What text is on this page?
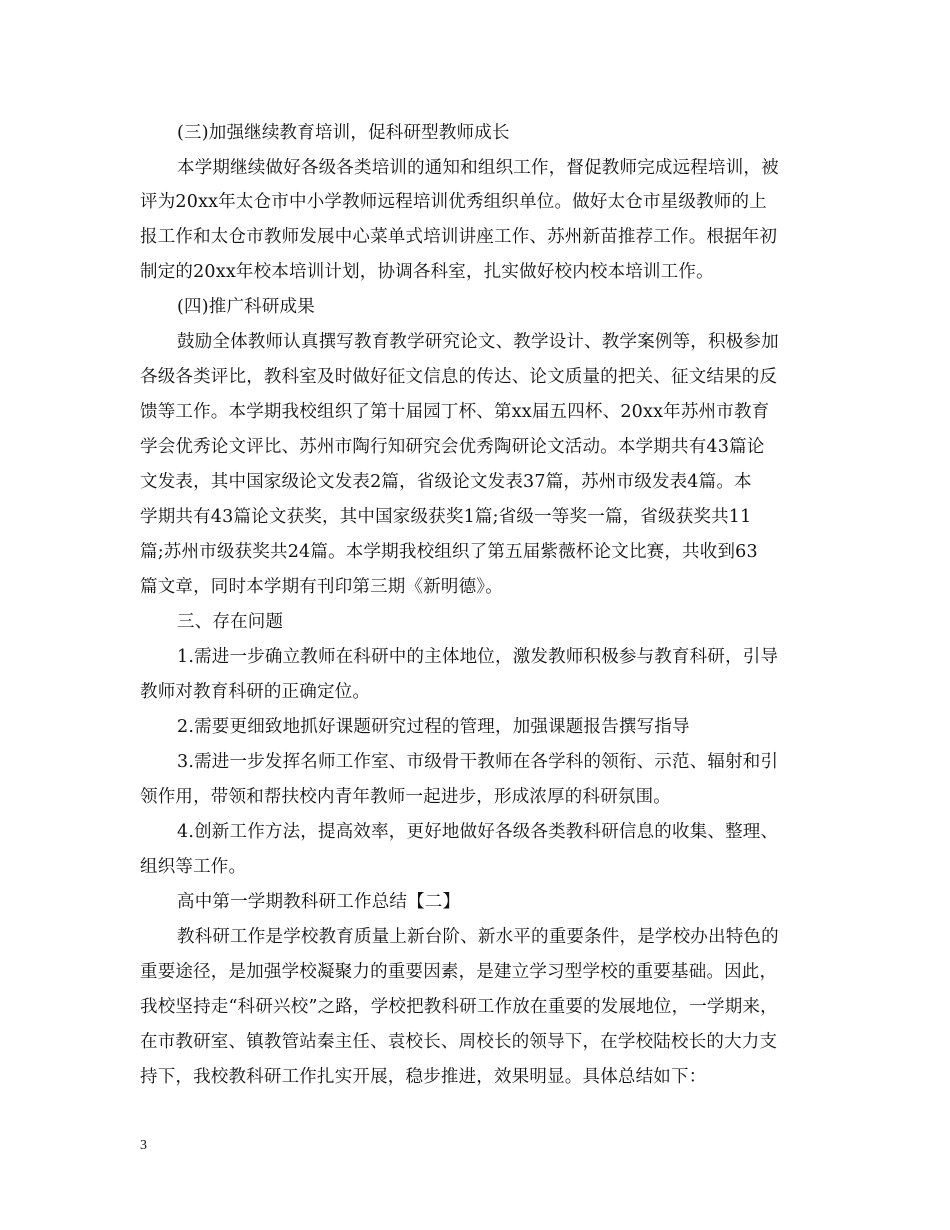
(三)加强继续教育培训，促科研型教师成长
本学期继续做好各级各类培训的通知和组织工作，督促教师完成远程培训，被
评为20xx年太仓市中小学教师远程培训优秀组织单位。做好太仓市星级教师的上
报工作和太仓市教师发展中心菜单式培训讲座工作、苏州新苗推荐工作。根据年初
制定的20xx年校本培训计划，协调各科室，扎实做好校内校本培训工作。
(四)推广科研成果
鼓励全体教师认真撰写教育教学研究论文、教学设计、教学案例等，积极参加
各级各类评比，教科室及时做好征文信息的传达、论文质量的把关、征文结果的反
馈等工作。本学期我校组织了第十届园丁杯、第xx届五四杯、20xx年苏州市教育
学会优秀论文评比、苏州市陶行知研究会优秀陶研论文活动。本学期共有43篇论
文发表，其中国家级论文发表2篇，省级论文发表37篇，苏州市级发表4篇。本
学期共有43篇论文获奖，其中国家级获奖1篇;省级一等奖一篇，省级获奖共11
篇;苏州市级获奖共24篇。本学期我校组织了第五届紫薇杯论文比赛，共收到63
篇文章，同时本学期有刊印第三期《新明德》。
三、存在问题
1.需进一步确立教师在科研中的主体地位，激发教师积极参与教育科研，引导
教师对教育科研的正确定位。
2.需要更细致地抓好课题研究过程的管理，加强课题报告撰写指导
3.需进一步发挥名师工作室、市级骨干教师在各学科的领衔、示范、辐射和引
领作用，带领和帮扶校内青年教师一起进步，形成浓厚的科研氛围。
4.创新工作方法，提高效率，更好地做好各级各类教科研信息的收集、整理、
组织等工作。
高中第一学期教科研工作总结【二】
教科研工作是学校教育质量上新台阶、新水平的重要条件，是学校办出特色的
重要途径，是加强学校凝聚力的重要因素，是建立学习型学校的重要基础。因此，
我校坚持走“科研兴校”之路，学校把教科研工作放在重要的发展地位，一学期来，
在市教研室、镇教管站秦主任、袁校长、周校长的领导下，在学校陆校长的大力支
持下，我校教科研工作扎实开展，稳步推进，效果明显。具体总结如下：
3
